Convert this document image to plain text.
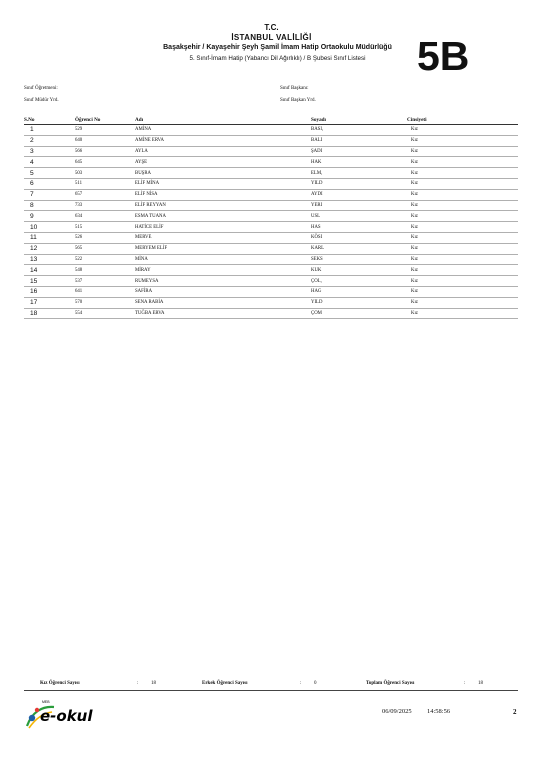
T.C.
İSTANBUL VALİLİĞİ
Başakşehir / Kayaşehir Şeyh Şamil İmam Hatip Ortaokulu Müdürlüğü
5. Sınıf-İmam Hatip (Yabancı Dil Ağırlıklı) / B Şubesi Sınıf Listesi	5B
Sınıf Öğretmeni:	Sınıf Başkanı:
Sınıf Müdür Yrd.	Sınıf Başkan Yrd.
S.No	Öğrenci No	Adı	Soyadı	Cinsiyeti
1	529	AMİNA	BASI,	Kız
2	640	AMİNE ERVA	BALI	Kız
3	566	AYLA	ŞADI	Kız
4	645	AYŞE	HAK	Kız
5	503	BUŞRA	ELM,	Kız
6	511	ELİF MİNA	YILD	Kız
7	657	ELİF NİSA	AYDI	Kız
8	733	ELİF REYYAN	YERI	Kız
9	634	ESMA TUANA	USL	Kız
10	515	HATİCE ELİF	HAS	Kız
11	526	MERVE	KÖSI	Kız
12	565	MERYEM ELİF	KARL	Kız
13	522	MİNA	SEKS	Kız
14	548	MİRAY	KUK	Kız
15	537	RUMEYSA	ÇOL,	Kız
16	641	SAFİRA	HAG	Kız
17	570	SENA RABİA	YILD	Kız
18	554	TUĞBA ERVA	ÇOM	Kız
Kız Öğrenci Sayısı	:	18	Erkek Öğrenci Sayısı	:	0	Toplam Öğrenci Sayısı	:	18
MEB
e-okul	06/09/2025 14:58:56	2
